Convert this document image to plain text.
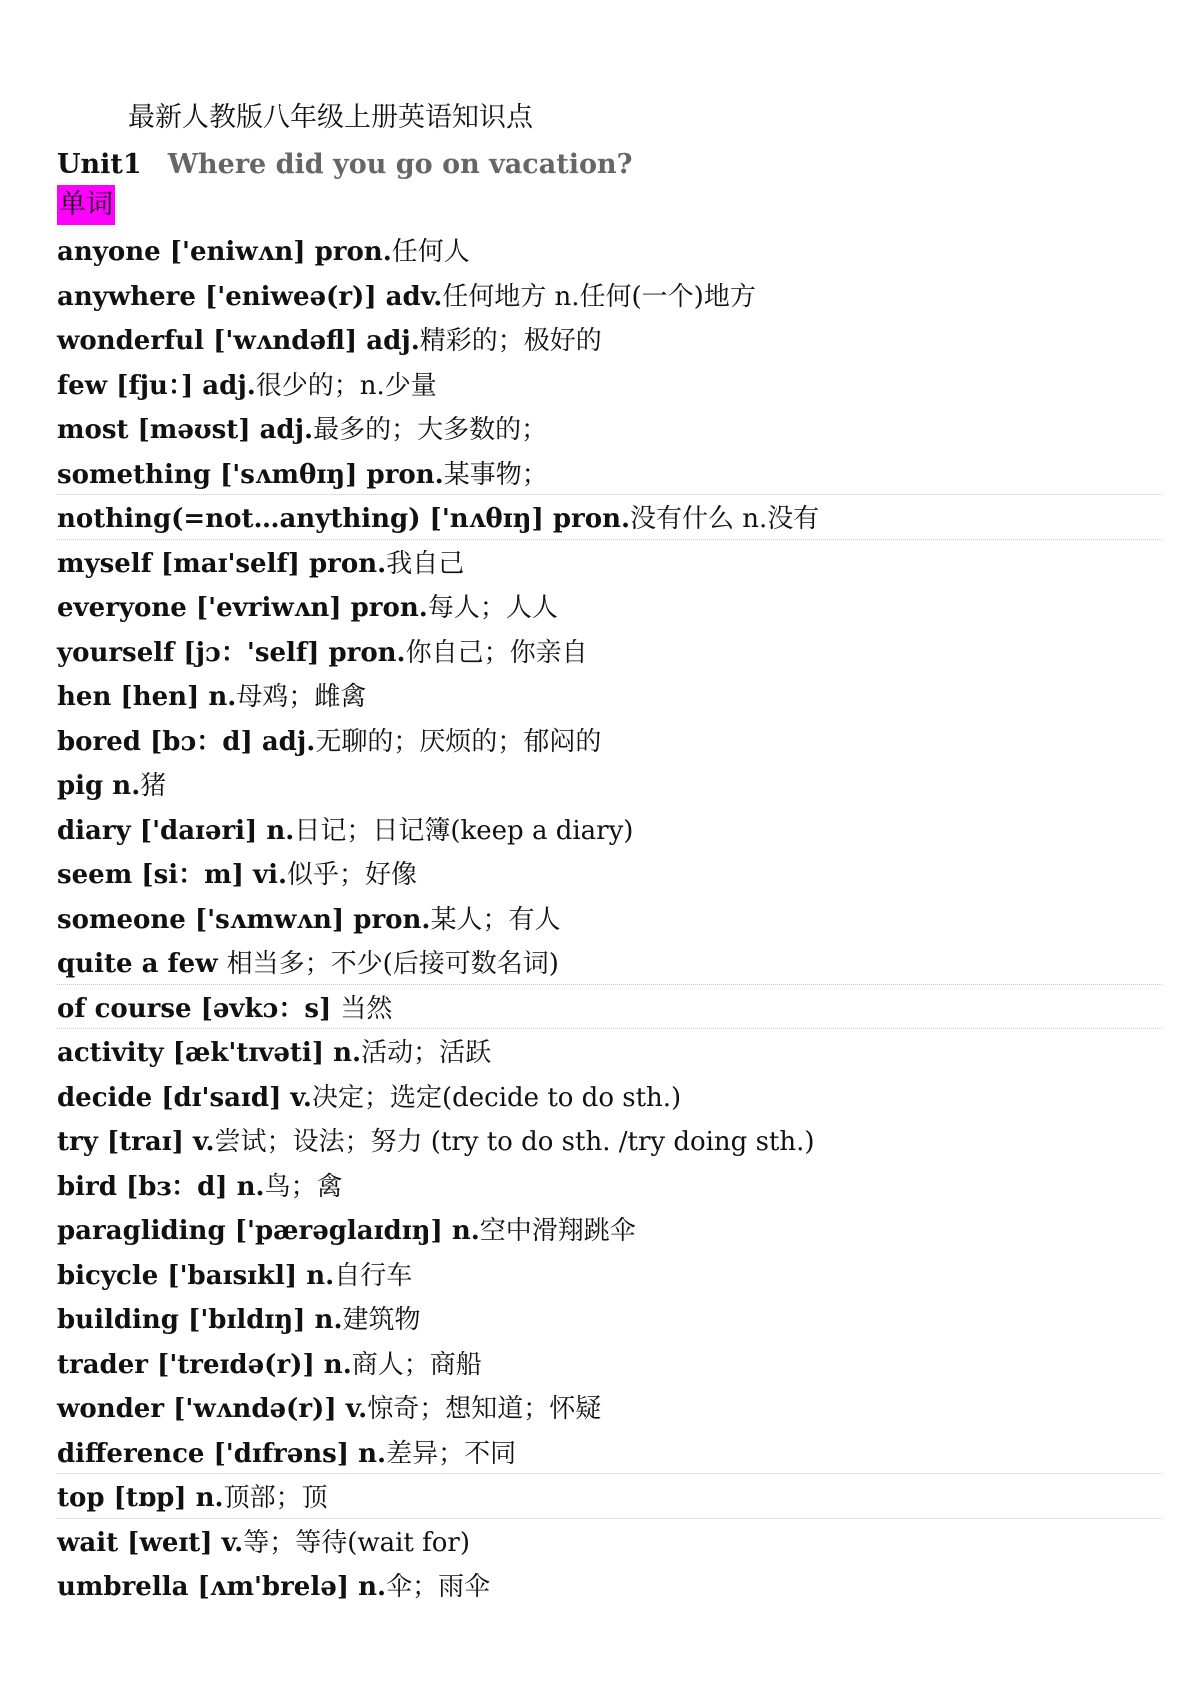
最新人教版八年级上册英语知识点

Unit1 Where did you go on vacation?

单词
anyone ['eniwʌn] pron.任何人
anywhere ['eniweə(r)] adv.任何地方 n.任何(一个)地方
wonderful ['wʌndəfl] adj.精彩的；极好的
few [fju：] adj.很少的；n.少量
most [məʊst] adj.最多的；大多数的；
something ['sʌmθɪŋ] pron.某事物；
nothing(=not…anything) ['nʌθɪŋ] pron.没有什么 n.没有
myself [maɪ'self] pron.我自己
everyone ['evriwʌn] pron.每人；人人
yourself [jɔ：'self] pron.你自己；你亲自
hen [hen] n.母鸡；雌禽
bored [bɔ：d] adj.无聊的；厌烦的；郁闷的
pig n.猪
diary ['daɪəri] n.日记；日记簿(keep a diary)
seem [si：m] vi.似乎；好像
someone ['sʌmwʌn] pron.某人；有人
quite a few 相当多；不少(后接可数名词)
of course [əvkɔ：s] 当然
activity [æk'tɪvəti] n.活动；活跃
decide [dɪ'saɪd] v.决定；选定(decide to do sth.)
try [traɪ] v.尝试；设法；努力 (try to do sth. /try doing sth.)
bird [bɜ：d] n.鸟；禽
paragliding ['pærəglaɪdɪŋ] n.空中滑翔跳伞
bicycle ['baɪsɪkl] n.自行车
building ['bɪldɪŋ] n.建筑物
trader ['treɪdə(r)] n.商人；商船
wonder ['wʌndə(r)] v.惊奇；想知道；怀疑
difference ['dɪfrəns] n.差异；不同
top [tɒp] n.顶部；顶
wait [weɪt] v.等；等待(wait for)
umbrella [ʌm'brelə] n.伞；雨伞
